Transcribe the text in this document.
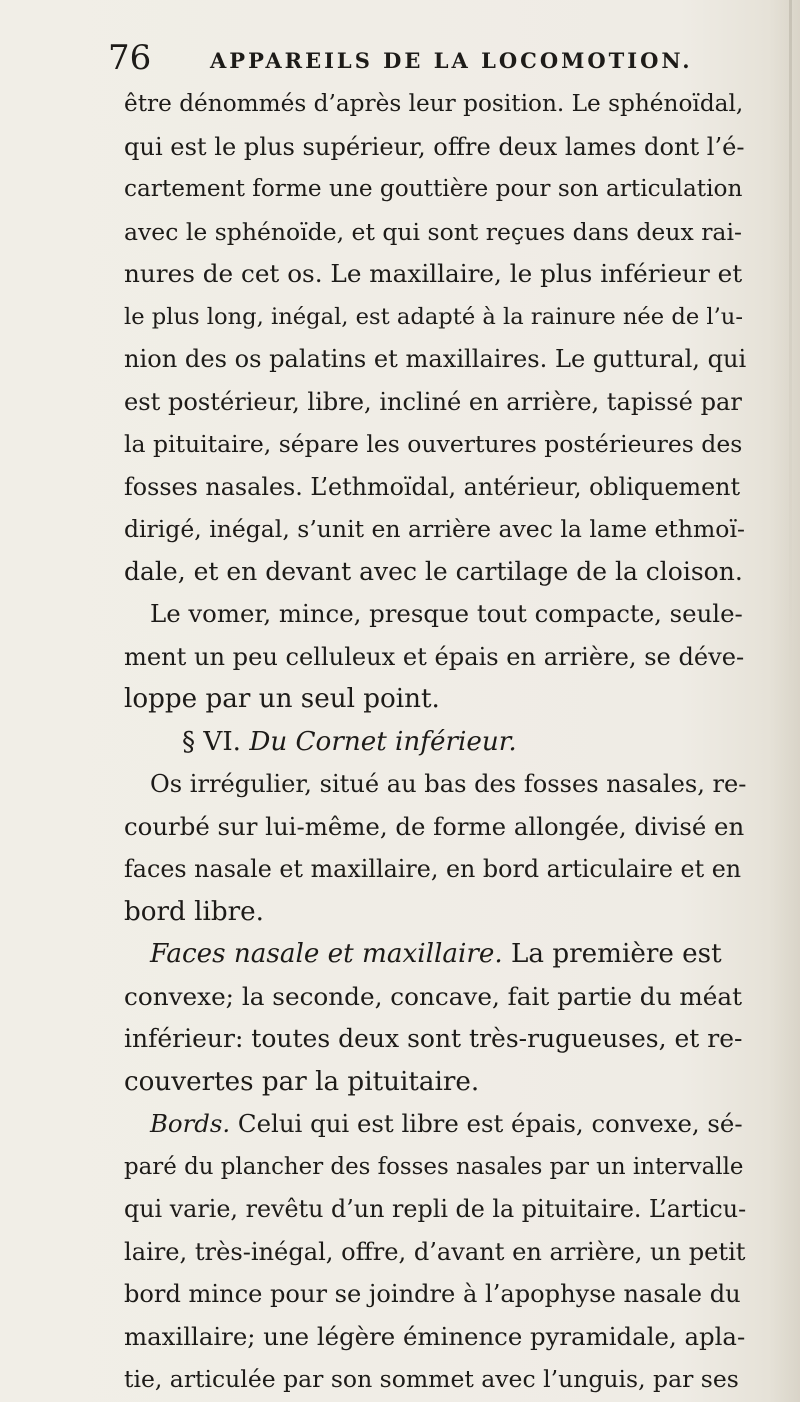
76	APPAREILS DE LA LOCOMOTION.
être dénommés d’après leur position. Le sphénoïdal,
qui est le plus supérieur, offre deux lames dont l’é-
cartement forme une gouttière pour son articulation
avec le sphénoïde, et qui sont reçues dans deux rai-
nures de cet os. Le maxillaire, le plus inférieur et
le plus long, inégal, est adapté à la rainure née de l’u-
nion des os palatins et maxillaires. Le guttural, qui
est postérieur, libre, incliné en arrière, tapissé par
la pituitaire, sépare les ouvertures postérieures des
fosses nasales. L’ethmoïdal, antérieur, obliquement
dirigé, inégal, s’unit en arrière avec la lame ethmoï-
dale, et en devant avec le cartilage de la cloison.
Le vomer, mince, presque tout compacte, seule-
ment un peu celluleux et épais en arrière, se déve-
loppe par un seul point.
§ VI. Du Cornet inférieur.
Os irrégulier, situé au bas des fosses nasales, re-
courbé sur lui-même, de forme allongée, divisé en
faces nasale et maxillaire, en bord articulaire et en
bord libre.
Faces nasale et maxillaire. La première est
convexe; la seconde, concave, fait partie du méat
inférieur: toutes deux sont très-rugueuses, et re-
couvertes par la pituitaire.
Bords. Celui qui est libre est épais, convexe, sé-
paré du plancher des fosses nasales par un intervalle
qui varie, revêtu d’un repli de la pituitaire. L’articu-
laire, très-inégal, offre, d’avant en arrière, un petit
bord mince pour se joindre à l’apophyse nasale du
maxillaire; une légère éminence pyramidale, apla-
tie, articulée par son sommet avec l’unguis, par ses
